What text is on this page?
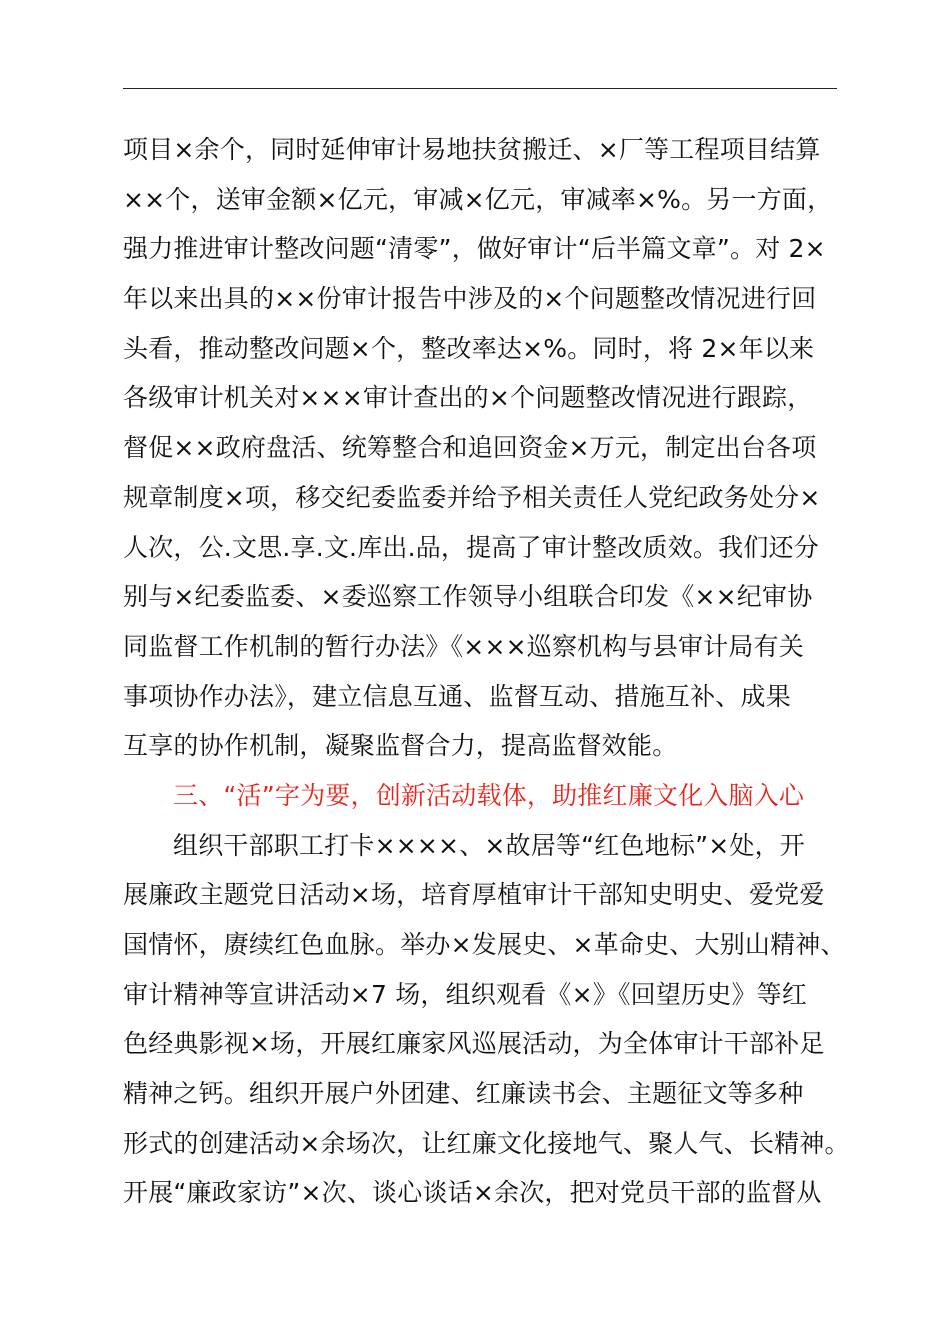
项目×余个，同时延伸审计易地扶贫搬迁、×厂等工程项目结算
××个，送审金额×亿元，审减×亿元，审减率×%。另一方面，
强力推进审计整改问题“清零”，做好审计“后半篇文章”。对 2×
年以来出具的××份审计报告中涉及的×个问题整改情况进行回
头看，推动整改问题×个，整改率达×%。同时，将 2×年以来
各级审计机关对×××审计查出的×个问题整改情况进行跟踪，
督促××政府盘活、统筹整合和追回资金×万元，制定出台各项
规章制度×项，移交纪委监委并给予相关责任人党纪政务处分×
人次，公.文思.享.文.库出.品，提高了审计整改质效。我们还分
别与×纪委监委、×委巡察工作领导小组联合印发《××纪审协
同监督工作机制的暂行办法》《×××巡察机构与县审计局有关
事项协作办法》，建立信息互通、监督互动、措施互补、成果
互享的协作机制，凝聚监督合力，提高监督效能。
三、“活”字为要，创新活动载体，助推红廉文化入脑入心
组织干部职工打卡××××、×故居等“红色地标”×处，开
展廉政主题党日活动×场，培育厚植审计干部知史明史、爱党爱
国情怀，赓续红色血脉。举办×发展史、×革命史、大别山精神、
审计精神等宣讲活动×7 场，组织观看《×》《回望历史》等红
色经典影视×场，开展红廉家风巡展活动，为全体审计干部补足
精神之钙。组织开展户外团建、红廉读书会、主题征文等多种
形式的创建活动×余场次，让红廉文化接地气、聚人气、长精神。
开展“廉政家访”×次、谈心谈话×余次，把对党员干部的监督从
